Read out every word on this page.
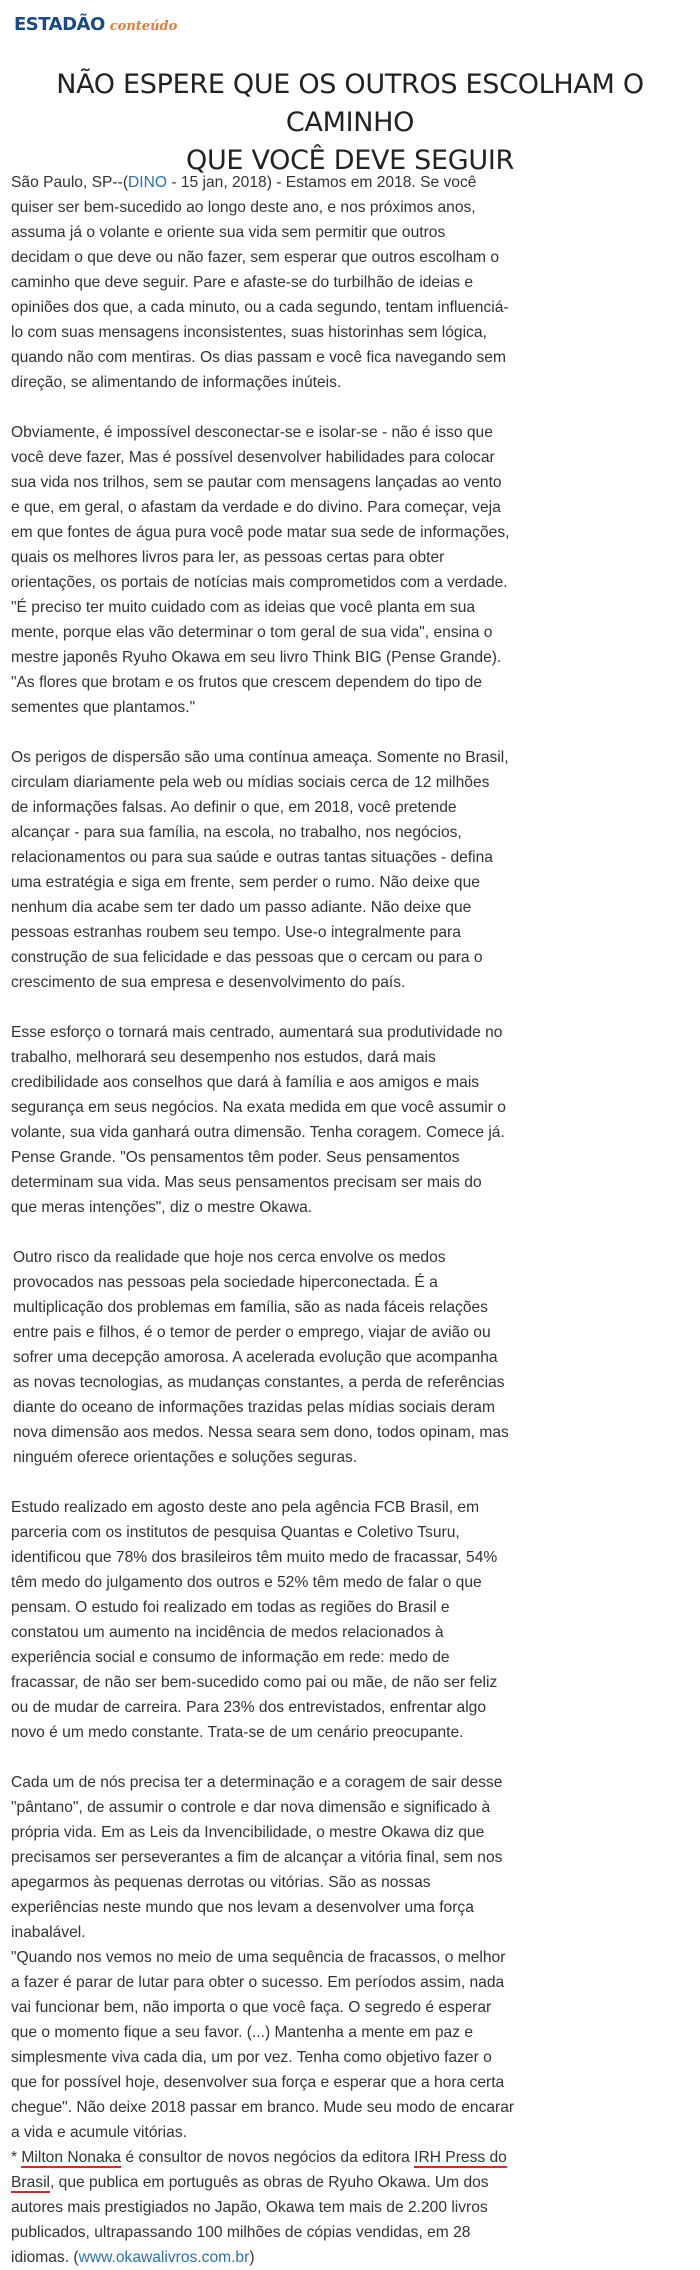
ESTADÃO conteúdo
NÃO ESPERE QUE OS OUTROS ESCOLHAM O CAMINHO
QUE VOCÊ DEVE SEGUIR
São Paulo, SP--(DINO - 15 jan, 2018) - Estamos em 2018. Se você
quiser ser bem-sucedido ao longo deste ano, e nos próximos anos,
assuma já o volante e oriente sua vida sem permitir que outros
decidam o que deve ou não fazer, sem esperar que outros escolham o
caminho que deve seguir. Pare e afaste-se do turbilhão de ideias e
opiniões dos que, a cada minuto, ou a cada segundo, tentam influenciá-
lo com suas mensagens inconsistentes, suas historinhas sem lógica,
quando não com mentiras. Os dias passam e você fica navegando sem
direção, se alimentando de informações inúteis.
Obviamente, é impossível desconectar-se e isolar-se - não é isso que
você deve fazer, Mas é possível desenvolver habilidades para colocar
sua vida nos trilhos, sem se pautar com mensagens lançadas ao vento
e que, em geral, o afastam da verdade e do divino. Para começar, veja
em que fontes de água pura você pode matar sua sede de informações,
quais os melhores livros para ler, as pessoas certas para obter
orientações, os portais de notícias mais comprometidos com a verdade.
"É preciso ter muito cuidado com as ideias que você planta em sua
mente, porque elas vão determinar o tom geral de sua vida", ensina o
mestre japonês Ryuho Okawa em seu livro Think BIG (Pense Grande).
"As flores que brotam e os frutos que crescem dependem do tipo de
sementes que plantamos."
Os perigos de dispersão são uma contínua ameaça. Somente no Brasil,
circulam diariamente pela web ou mídias sociais cerca de 12 milhões
de informações falsas. Ao definir o que, em 2018, você pretende
alcançar - para sua família, na escola, no trabalho, nos negócios,
relacionamentos ou para sua saúde e outras tantas situações - defina
uma estratégia e siga em frente, sem perder o rumo. Não deixe que
nenhum dia acabe sem ter dado um passo adiante. Não deixe que
pessoas estranhas roubem seu tempo. Use-o integralmente para
construção de sua felicidade e das pessoas que o cercam ou para o
crescimento de sua empresa e desenvolvimento do país.
Esse esforço o tornará mais centrado, aumentará sua produtividade no
trabalho, melhorará seu desempenho nos estudos, dará mais
credibilidade aos conselhos que dará à família e aos amigos e mais
segurança em seus negócios. Na exata medida em que você assumir o
volante, sua vida ganhará outra dimensão. Tenha coragem. Comece já.
Pense Grande. "Os pensamentos têm poder. Seus pensamentos
determinam sua vida. Mas seus pensamentos precisam ser mais do
que meras intenções", diz o mestre Okawa.
Outro risco da realidade que hoje nos cerca envolve os medos
provocados nas pessoas pela sociedade hiperconectada. É a
multiplicação dos problemas em família, são as nada fáceis relações
entre pais e filhos, é o temor de perder o emprego, viajar de avião ou
sofrer uma decepção amorosa. A acelerada evolução que acompanha
as novas tecnologias, as mudanças constantes, a perda de referências
diante do oceano de informações trazidas pelas mídias sociais deram
nova dimensão aos medos. Nessa seara sem dono, todos opinam, mas
ninguém oferece orientações e soluções seguras.
Estudo realizado em agosto deste ano pela agência FCB Brasil, em
parceria com os institutos de pesquisa Quantas e Coletivo Tsuru,
identificou que 78% dos brasileiros têm muito medo de fracassar, 54%
têm medo do julgamento dos outros e 52% têm medo de falar o que
pensam. O estudo foi realizado em todas as regiões do Brasil e
constatou um aumento na incidência de medos relacionados à
experiência social e consumo de informação em rede: medo de
fracassar, de não ser bem-sucedido como pai ou mãe, de não ser feliz
ou de mudar de carreira. Para 23% dos entrevistados, enfrentar algo
novo é um medo constante. Trata-se de um cenário preocupante.
Cada um de nós precisa ter a determinação e a coragem de sair desse
"pântano", de assumir o controle e dar nova dimensão e significado à
própria vida. Em as Leis da Invencibilidade, o mestre Okawa diz que
precisamos ser perseverantes a fim de alcançar a vitória final, sem nos
apegarmos às pequenas derrotas ou vitórias. São as nossas
experiências neste mundo que nos levam a desenvolver uma força
inabalável.
"Quando nos vemos no meio de uma sequência de fracassos, o melhor
a fazer é parar de lutar para obter o sucesso. Em períodos assim, nada
vai funcionar bem, não importa o que você faça. O segredo é esperar
que o momento fique a seu favor. (...) Mantenha a mente em paz e
simplesmente viva cada dia, um por vez. Tenha como objetivo fazer o
que for possível hoje, desenvolver sua força e esperar que a hora certa
chegue". Não deixe 2018 passar em branco. Mude seu modo de encarar
a vida e acumule vitórias.
* Milton Nonaka é consultor de novos negócios da editora IRH Press do
Brasil, que publica em português as obras de Ryuho Okawa. Um dos
autores mais prestigiados no Japão, Okawa tem mais de 2.200 livros
publicados, ultrapassando 100 milhões de cópias vendidas, em 28
idiomas. (www.okawalivros.com.br)
